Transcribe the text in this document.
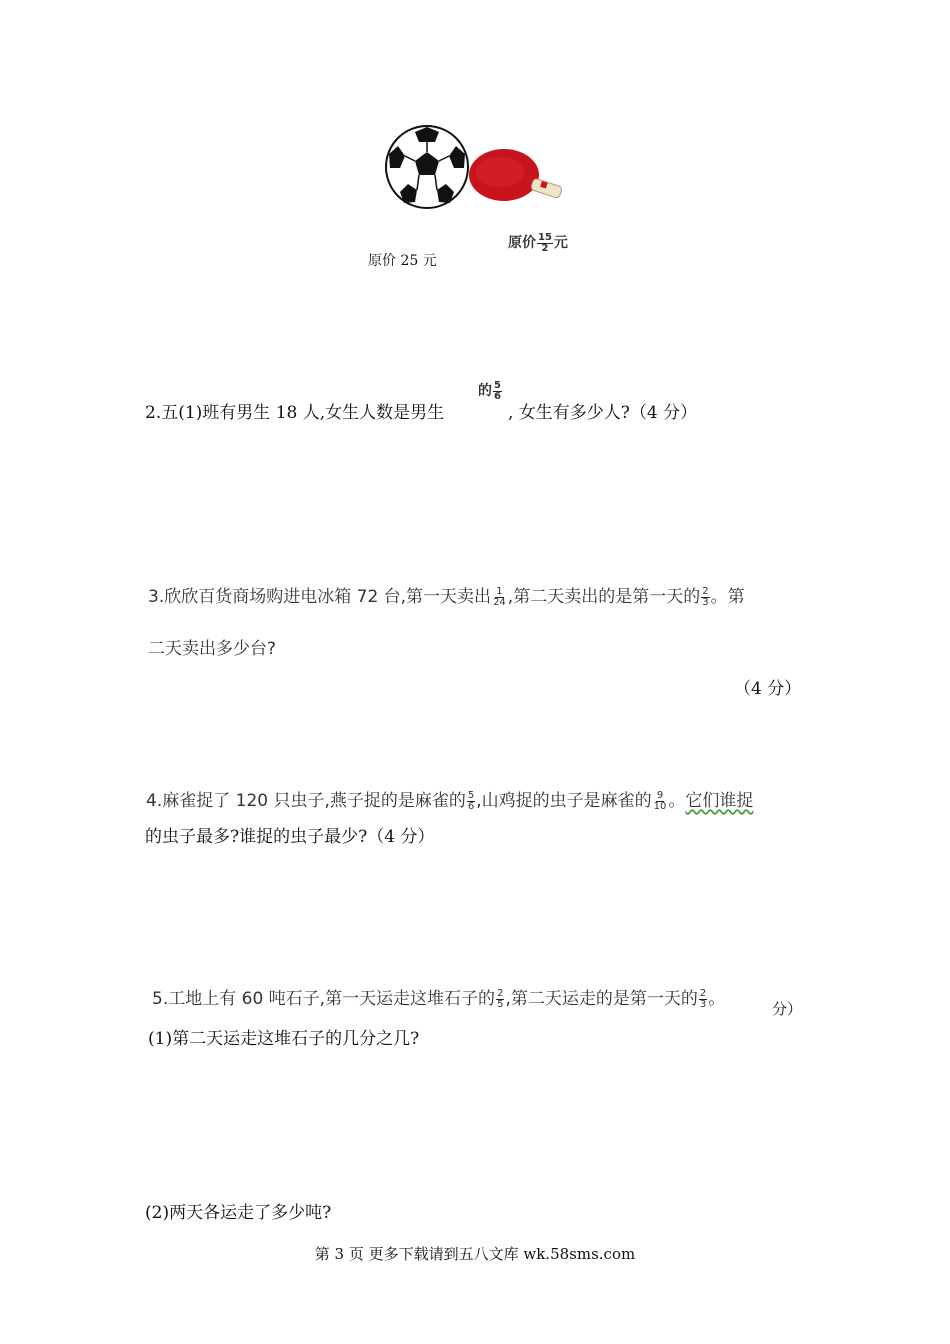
原价 25 元
原价 $\frac{15}{2}$ 元
2.五(1)班有男生 18 人,女生人数是男生
的 $\frac{5}{6}$
, 女生有多少人?（4 分）
3.欣欣百货商场购进电冰箱 72 台,第一天卖出 $\frac{1}{24}$ ,第二天卖出的是第一天的 $\frac{2}{3}$ 。第
二天卖出多少台?
（4 分）
4.麻雀捉了 120 只虫子,燕子捉的是麻雀的 $\frac{5}{6}$ ,山鸡捉的虫子是麻雀的 $\frac{9}{10}$ 。它们谁捉
的虫子最多?谁捉的虫子最少?（4 分）
5.工地上有 60 吨石子,第一天运走这堆石子的 $\frac{2}{5}$ ,第二天运走的是第一天的 $\frac{2}{3}$ 。	分）
(1)第二天运走这堆石子的几分之几?
(2)两天各运走了多少吨?
第 3 页 更多下载请到五八文库 wk.58sms.com
